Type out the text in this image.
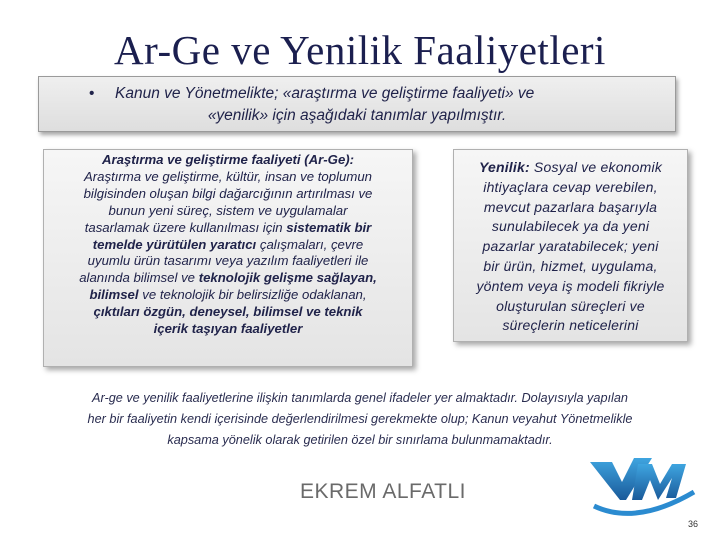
Ar-Ge ve Yenilik Faaliyetleri
• Kanun ve Yönetmelikte; «araştırma ve geliştirme faaliyeti» ve
«yenilik» için aşağıdaki tanımlar yapılmıştır.
Araştırma ve geliştirme faaliyeti (Ar-Ge):
Araştırma ve geliştirme, kültür, insan ve toplumun
bilgisinden oluşan bilgi dağarcığının artırılması ve
bunun yeni süreç, sistem ve uygulamalar
tasarlamak üzere kullanılması için sistematik bir
temelde yürütülen yaratıcı çalışmaları, çevre
uyumlu ürün tasarımı veya yazılım faaliyetleri ile
alanında bilimsel ve teknolojik gelişme sağlayan,
bilimsel ve teknolojik bir belirsizliğe odaklanan,
çıktıları özgün, deneysel, bilimsel ve teknik
içerik taşıyan faaliyetler
Yenilik: Sosyal ve ekonomik
ihtiyaçlara cevap verebilen,
mevcut pazarlara başarıyla
sunulabilecek ya da yeni
pazarlar yaratabilecek; yeni
bir ürün, hizmet, uygulama,
yöntem veya iş modeli fikriyle
oluşturulan süreçleri ve
süreçlerin neticelerini
Ar-ge ve yenilik faaliyetlerine ilişkin tanımlarda genel ifadeler yer almaktadır. Dolayısıyla yapılan
her bir faaliyetin kendi içerisinde değerlendirilmesi gerekmekte olup; Kanun veyahut Yönetmelikle
kapsama yönelik olarak getirilen özel bir sınırlama bulunmamaktadır.
EKREM ALFATLI
36
